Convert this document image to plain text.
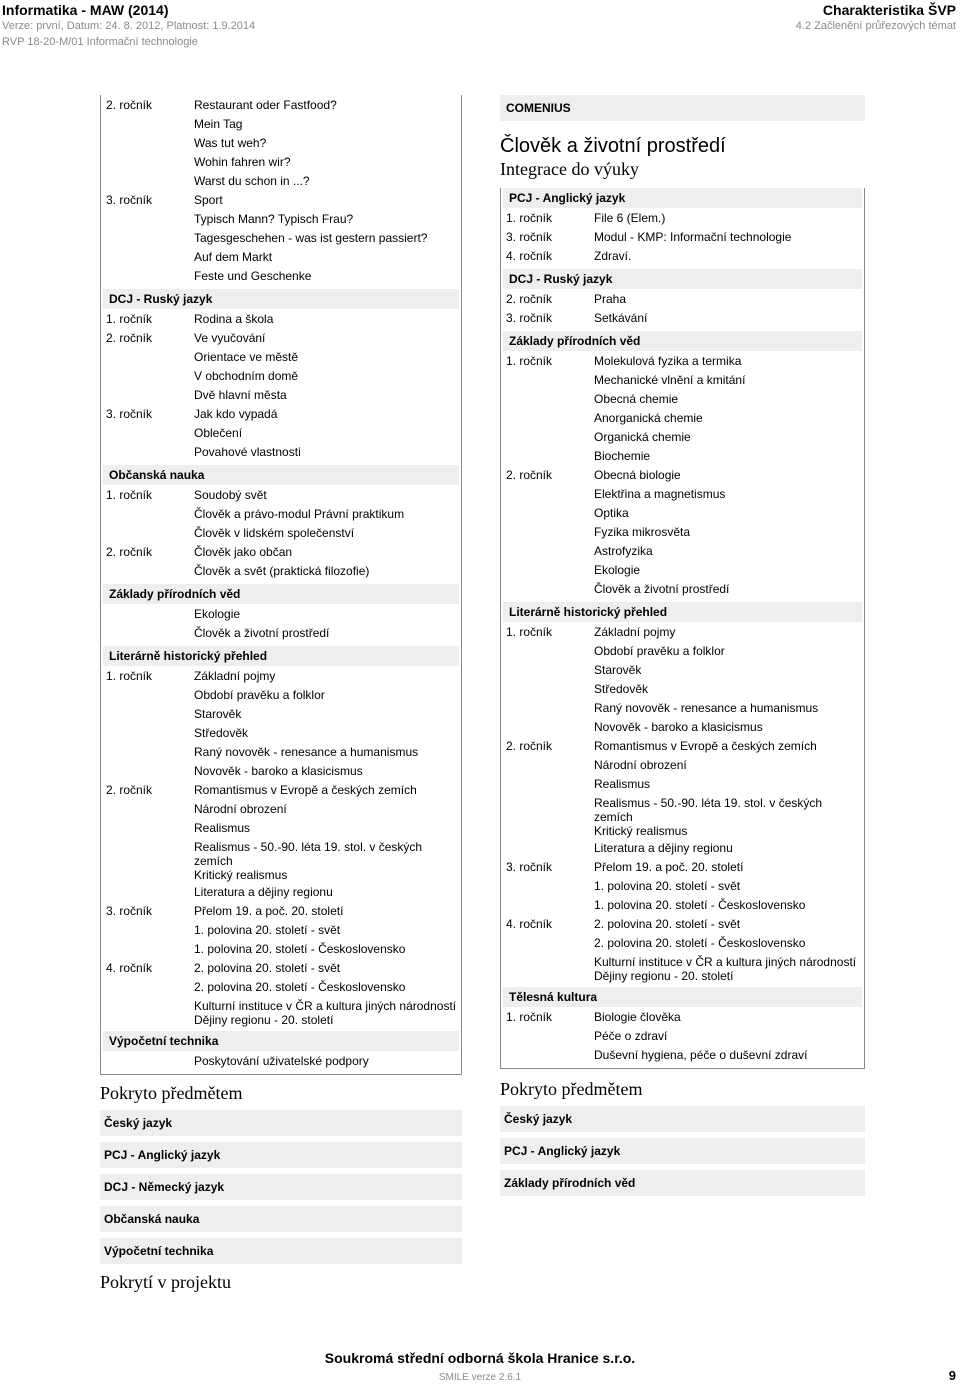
Informatika - MAW (2014)
Verze: první, Datum: 24. 8. 2012, Platnost: 1.9.2014
RVP 18-20-M/01 Informační technologie
Charakteristika ŠVP
4.2 Začlenění průřezových témat
2. ročník	Restaurant oder Fastfood?
Mein Tag
Was tut weh?
Wohin fahren wir?
Warst du schon in ...?
3. ročník	Sport
Typisch Mann? Typisch Frau?
Tagesgeschehen - was ist gestern passiert?
Auf dem Markt
Feste und Geschenke
DCJ - Ruský jazyk
1. ročník	Rodina a škola
2. ročník	Ve vyučování
Orientace ve městě
V obchodním domě
Dvě hlavní města
3. ročník	Jak kdo vypadá
Oblečení
Povahové vlastnosti
Občanská nauka
1. ročník	Soudobý svět
Člověk a právo-modul Právní praktikum
Člověk v lidském společenství
2. ročník	Člověk jako občan
Člověk a svět (praktická filozofie)
Základy přírodních věd
Ekologie
Člověk a životní prostředí
Literárně historický přehled
1. ročník	Základní pojmy
Období pravěku a folklor
Starověk
Středověk
Raný novověk - renesance a humanismus
Novověk - baroko a klasicismus
2. ročník	Romantismus v Evropě a českých zemích
Národní obrození
Realismus
Realismus - 50.-90. léta 19. stol. v českých zemích
Kritický realismus
Literatura a dějiny regionu
3. ročník	Přelom 19. a poč. 20. století
1. polovina 20. století - svět
1. polovina 20. století - Československo
4. ročník	2. polovina 20. století - svět
2. polovina 20. století - Československo
Kulturní instituce v ČR a kultura jiných národností
Dějiny regionu - 20. století
Výpočetní technika
Poskytování uživatelské podpory
Pokryto předmětem
Český jazyk
PCJ - Anglický jazyk
DCJ - Německý jazyk
Občanská nauka
Výpočetní technika
Pokrytí v projektu
COMENIUS
Člověk a životní prostředí
Integrace do výuky
PCJ - Anglický jazyk
1. ročník	File 6 (Elem.)
3. ročník	Modul - KMP: Informační technologie
4. ročník	Zdraví.
DCJ - Ruský jazyk
2. ročník	Praha
3. ročník	Setkávání
Základy přírodních věd
1. ročník	Molekulová fyzika a termika
Mechanické vlnění a kmitání
Obecná chemie
Anorganická chemie
Organická chemie
Biochemie
2. ročník	Obecná biologie
Elektřina a magnetismus
Optika
Fyzika mikrosvěta
Astrofyzika
Ekologie
Člověk a životní prostředí
Literárně historický přehled
1. ročník	Základní pojmy
Období pravěku a folklor
Starověk
Středověk
Raný novověk - renesance a humanismus
Novověk - baroko a klasicismus
2. ročník	Romantismus v Evropě a českých zemích
Národní obrození
Realismus
Realismus - 50.-90. léta 19. stol. v českých zemích
Kritický realismus
Literatura a dějiny regionu
3. ročník	Přelom 19. a poč. 20. století
1. polovina 20. století - svět
1. polovina 20. století - Československo
4. ročník	2. polovina 20. století - svět
2. polovina 20. století - Československo
Kulturní instituce v ČR a kultura jiných národností
Dějiny regionu - 20. století
Tělesná kultura
1. ročník	Biologie člověka
Péče o zdraví
Duševní hygiena, péče o duševní zdraví
Pokryto předmětem
Český jazyk
PCJ - Anglický jazyk
Základy přírodních věd
Soukromá střední odborná škola Hranice s.r.o.
SMILE verze 2.6.1	9
